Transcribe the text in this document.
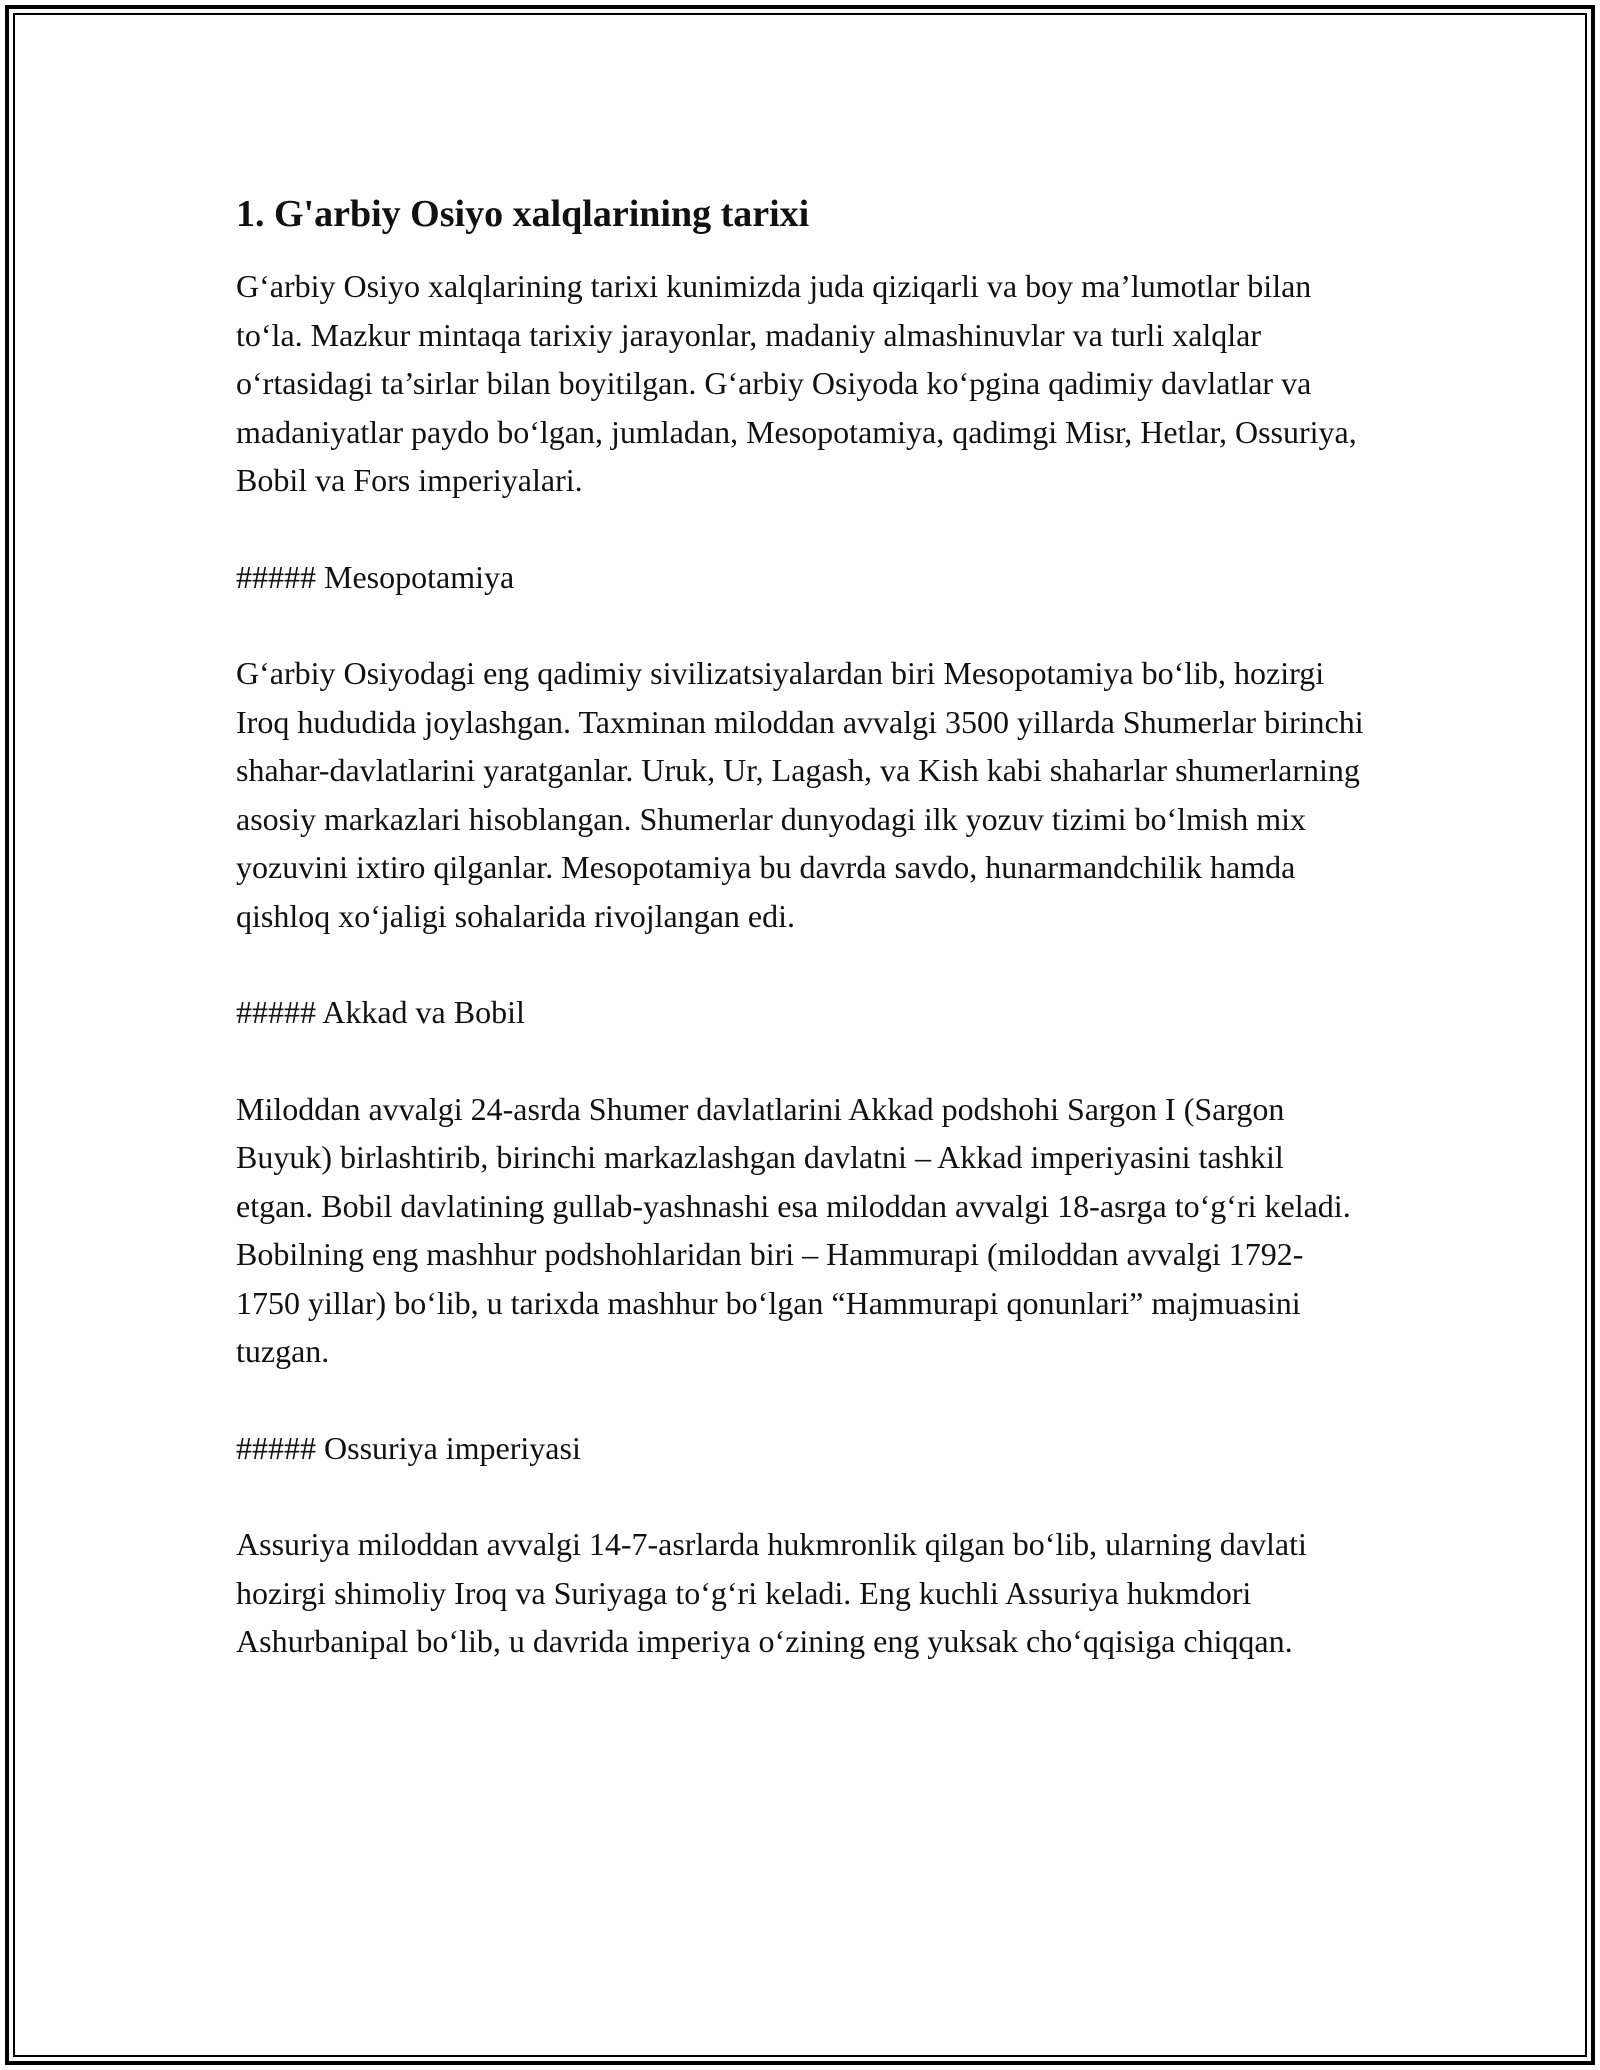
1. G'arbiy Osiyo xalqlarining tarixi

G‘arbiy Osiyo xalqlarining tarixi kunimizda juda qiziqarli va boy ma’lumotlar bilan to‘la. Mazkur mintaqa tarixiy jarayonlar, madaniy almashinuvlar va turli xalqlar o‘rtasidagi ta’sirlar bilan boyitilgan. G‘arbiy Osiyoda ko‘pgina qadimiy davlatlar va madaniyatlar paydo bo‘lgan, jumladan, Mesopotamiya, qadimgi Misr, Hetlar, Ossuriya, Bobil va Fors imperiyalari.

##### Mesopotamiya

G‘arbiy Osiyodagi eng qadimiy sivilizatsiyalardan biri Mesopotamiya bo‘lib, hozirgi Iroq hududida joylashgan. Taxminan miloddan avvalgi 3500 yillarda Shumerlar birinchi shahar-davlatlarini yaratganlar. Uruk, Ur, Lagash, va Kish kabi shaharlar shumerlarning asosiy markazlari hisoblangan. Shumerlar dunyodagi ilk yozuv tizimi bo‘lmish mix yozuvini ixtiro qilganlar. Mesopotamiya bu davrda savdo, hunarmandchilik hamda qishloq xo‘jaligi sohalarida rivojlangan edi.

##### Akkad va Bobil

Miloddan avvalgi 24-asrda Shumer davlatlarini Akkad podshohi Sargon I (Sargon Buyuk) birlashtirib, birinchi markazlashgan davlatni – Akkad imperiyasini tashkil etgan. Bobil davlatining gullab-yashnashi esa miloddan avvalgi 18-asrga to‘g‘ri keladi. Bobilning eng mashhur podshohlaridan biri – Hammurapi (miloddan avvalgi 1792-1750 yillar) bo‘lib, u tarixda mashhur bo‘lgan “Hammurapi qonunlari” majmuasini tuzgan.

##### Ossuriya imperiyasi

Assuriya miloddan avvalgi 14-7-asrlarda hukmronlik qilgan bo‘lib, ularning davlati hozirgi shimoliy Iroq va Suriyaga to‘g‘ri keladi. Eng kuchli Assuriya hukmdori Ashurbanipal bo‘lib, u davrida imperiya o‘zining eng yuksak cho‘qqisiga chiqqan.
